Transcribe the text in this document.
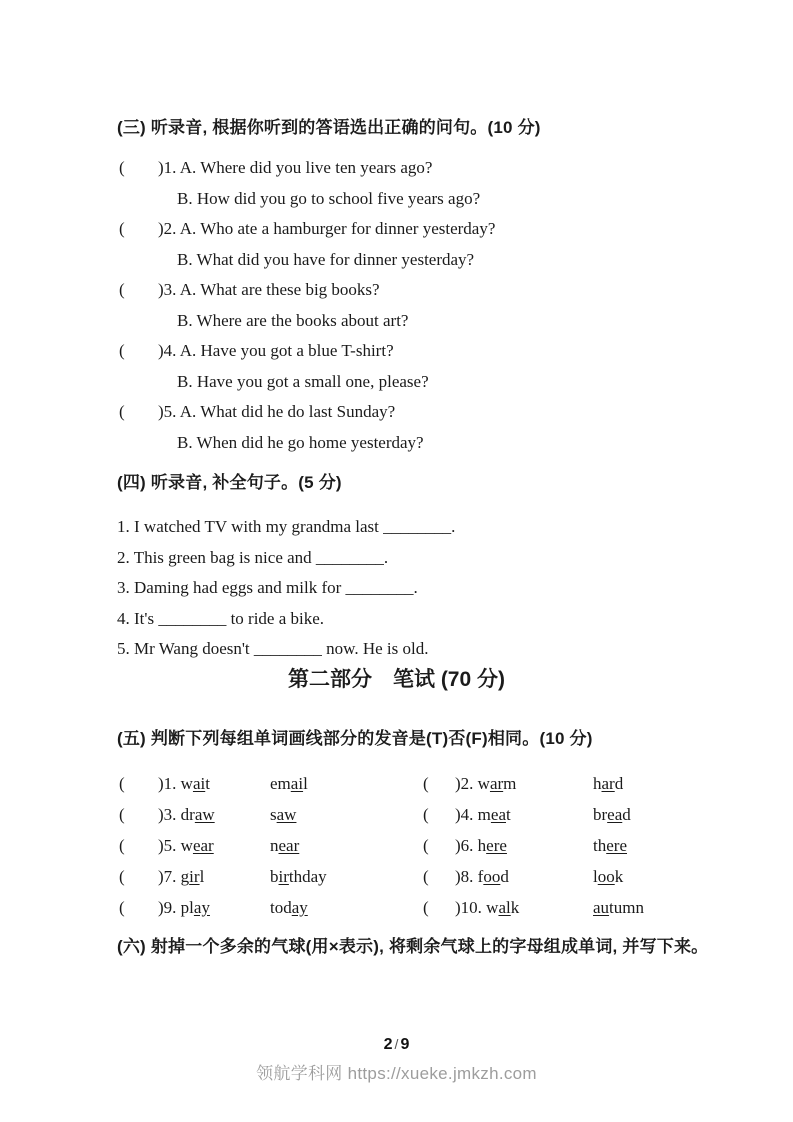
(三) 听录音, 根据你听到的答语选出正确的问句。(10 分)
( )1. A. Where did you live ten years ago?
B. How did you go to school five years ago?
( )2. A. Who ate a hamburger for dinner yesterday?
B. What did you have for dinner yesterday?
( )3. A. What are these big books?
B. Where are the books about art?
( )4. A. Have you got a blue T-shirt?
B. Have you got a small one, please?
( )5. A. What did he do last Sunday?
B. When did he go home yesterday?
(四) 听录音, 补全句子。(5 分)
1. I watched TV with my grandma last ________.
2. This green bag is nice and ________.
3. Daming had eggs and milk for ________.
4. It's ________ to ride a bike.
5. Mr Wang doesn't ________ now. He is old.
第二部分　笔试 (70 分)
(五) 判断下列每组单词画线部分的发音是(T)否(F)相同。(10 分)
( )1. wait	email	( )2. warm	hard
( )3. draw	saw	( )4. meat	bread
( )5. wear	near	( )6. here	there
( )7. girl	birthday	( )8. food	look
( )9. play	today	( )10. walk	autumn
(六) 射掉一个多余的气球(用×表示), 将剩余气球上的字母组成单词, 并写下来。
2 / 9
领航学科网 https://xueke.jmkzh.com
